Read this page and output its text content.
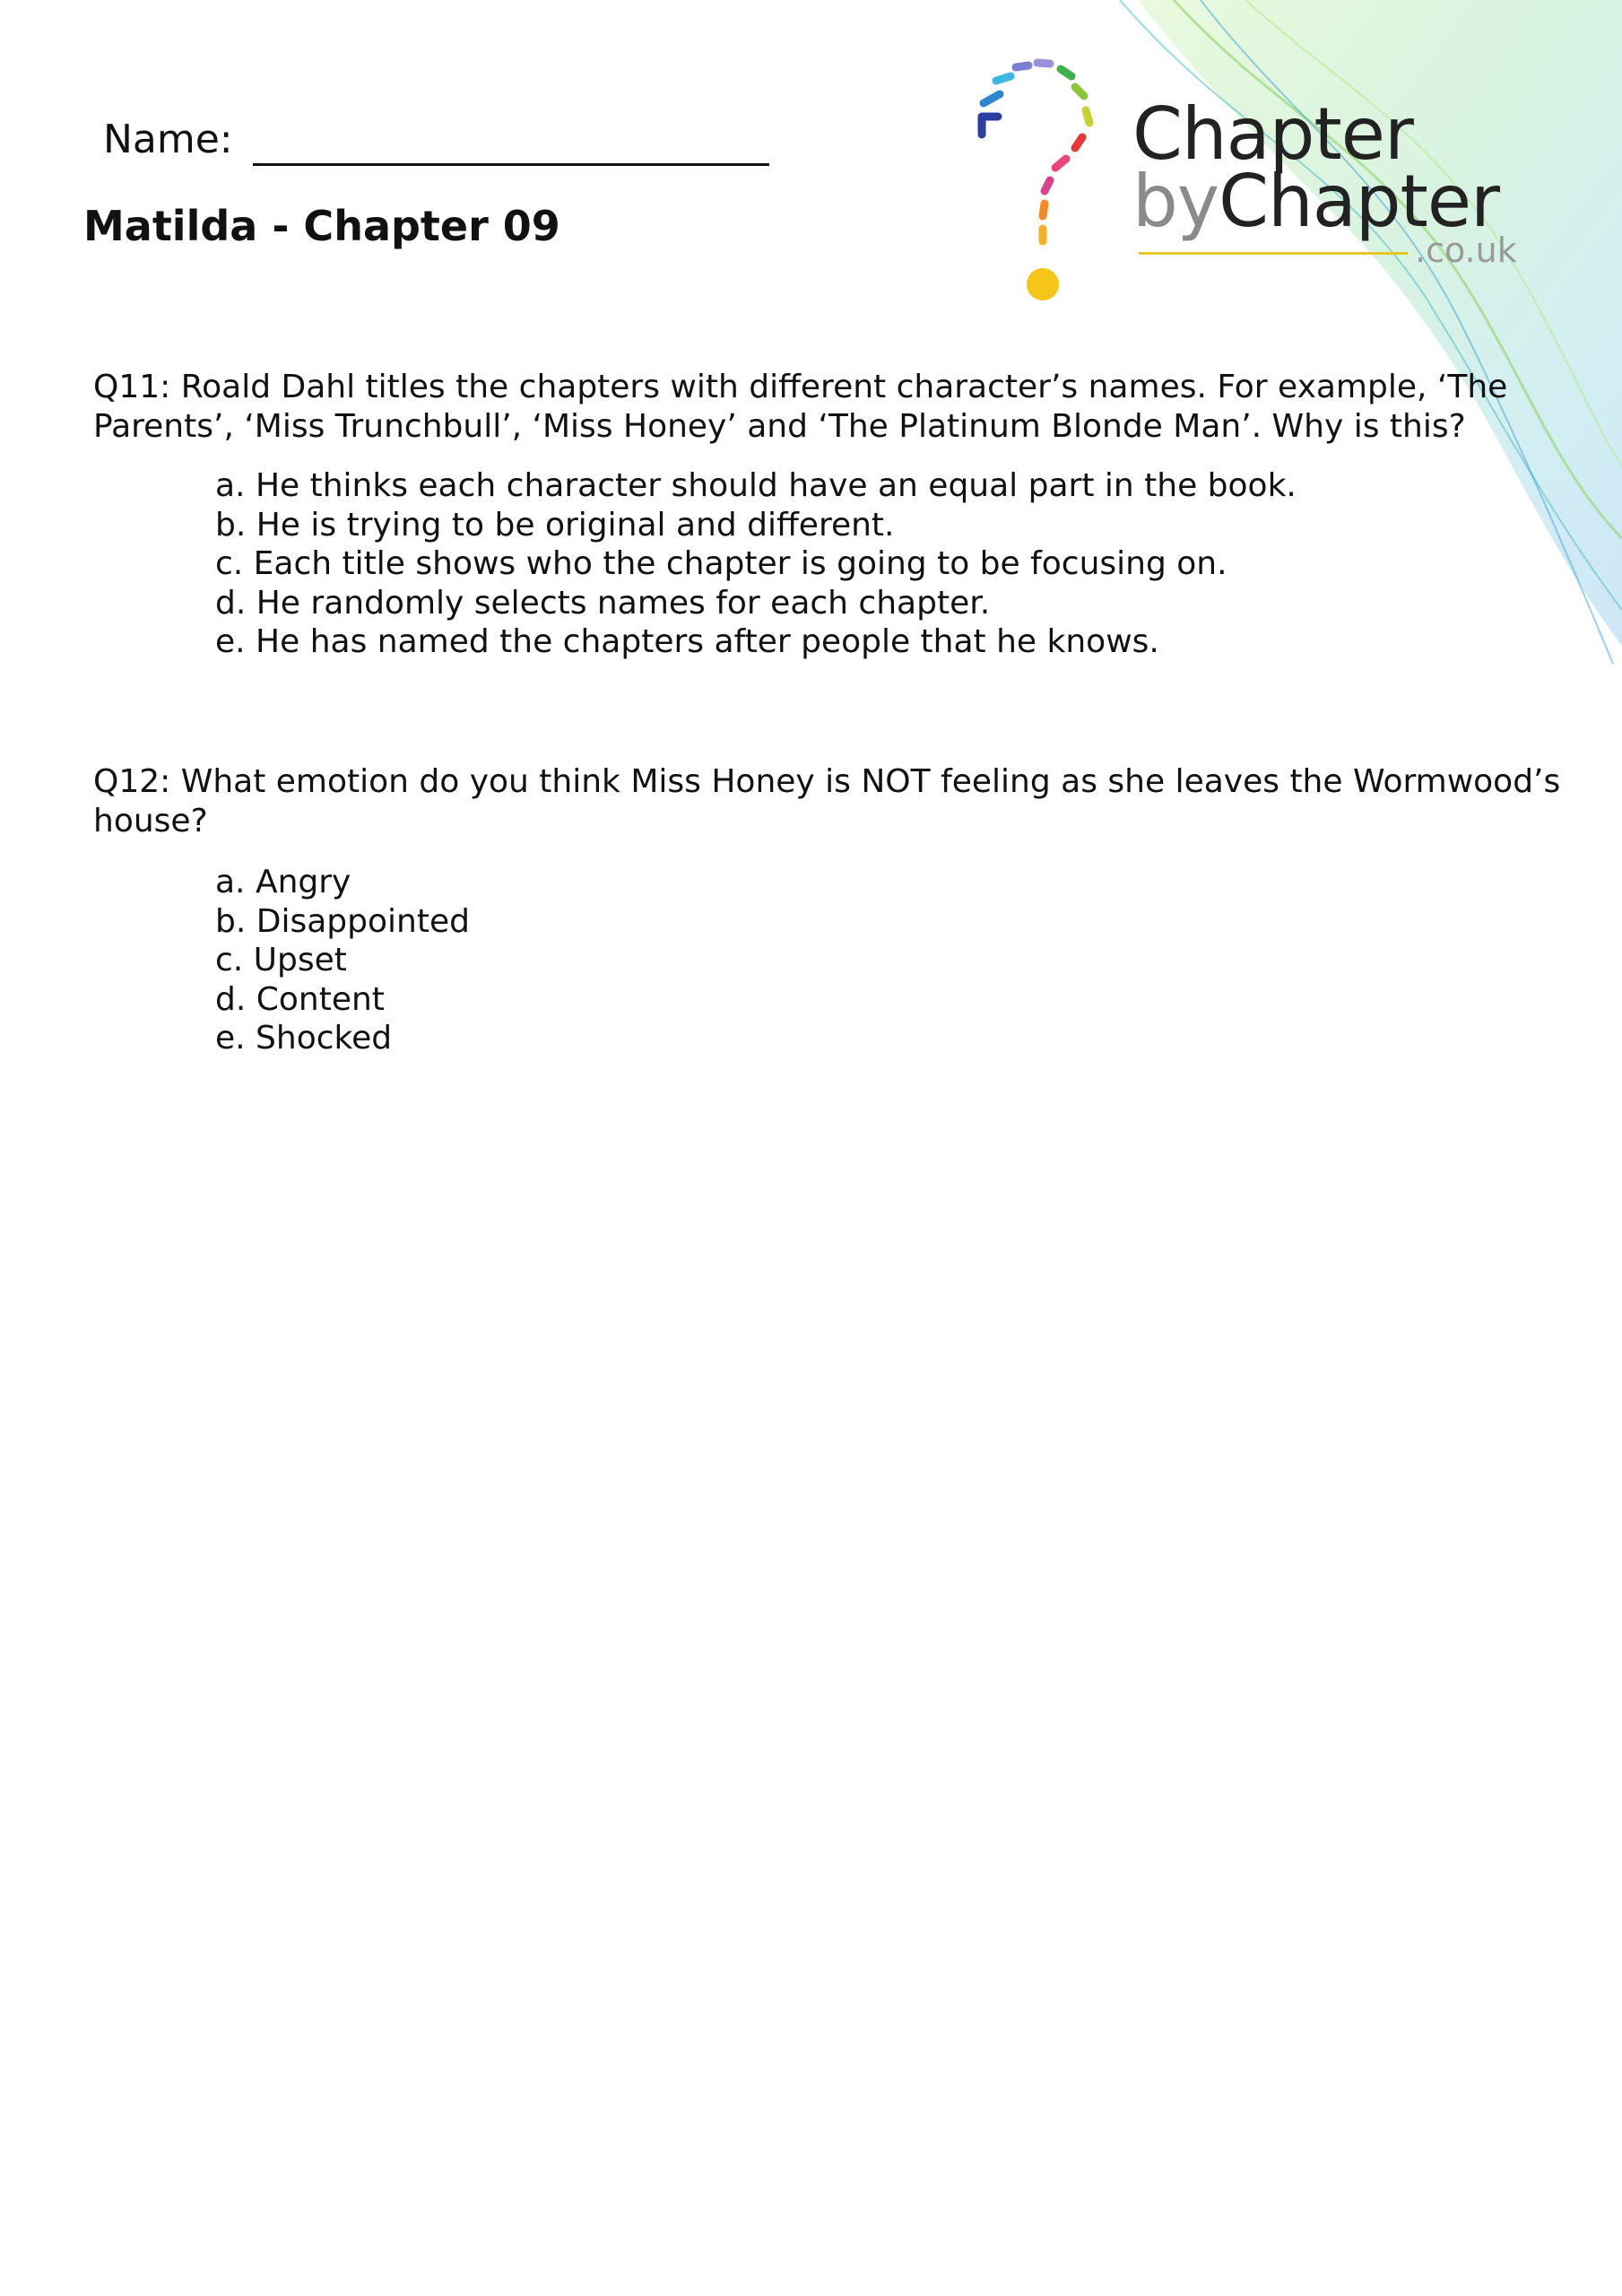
Chapter
byChapter
.co.uk
Name:
Matilda - Chapter 09

Q11: Roald Dahl titles the chapters with different character’s names. For example, ‘The Parents’, ‘Miss Trunchbull’, ‘Miss Honey’ and ‘The Platinum Blonde Man’. Why is this?

a. He thinks each character should have an equal part in the book.
b. He is trying to be original and different.
c. Each title shows who the chapter is going to be focusing on.
d. He randomly selects names for each chapter.
e. He has named the chapters after people that he knows.

Q12: What emotion do you think Miss Honey is NOT feeling as she leaves the Wormwood’s house?

a. Angry
b. Disappointed
c. Upset
d. Content
e. Shocked
